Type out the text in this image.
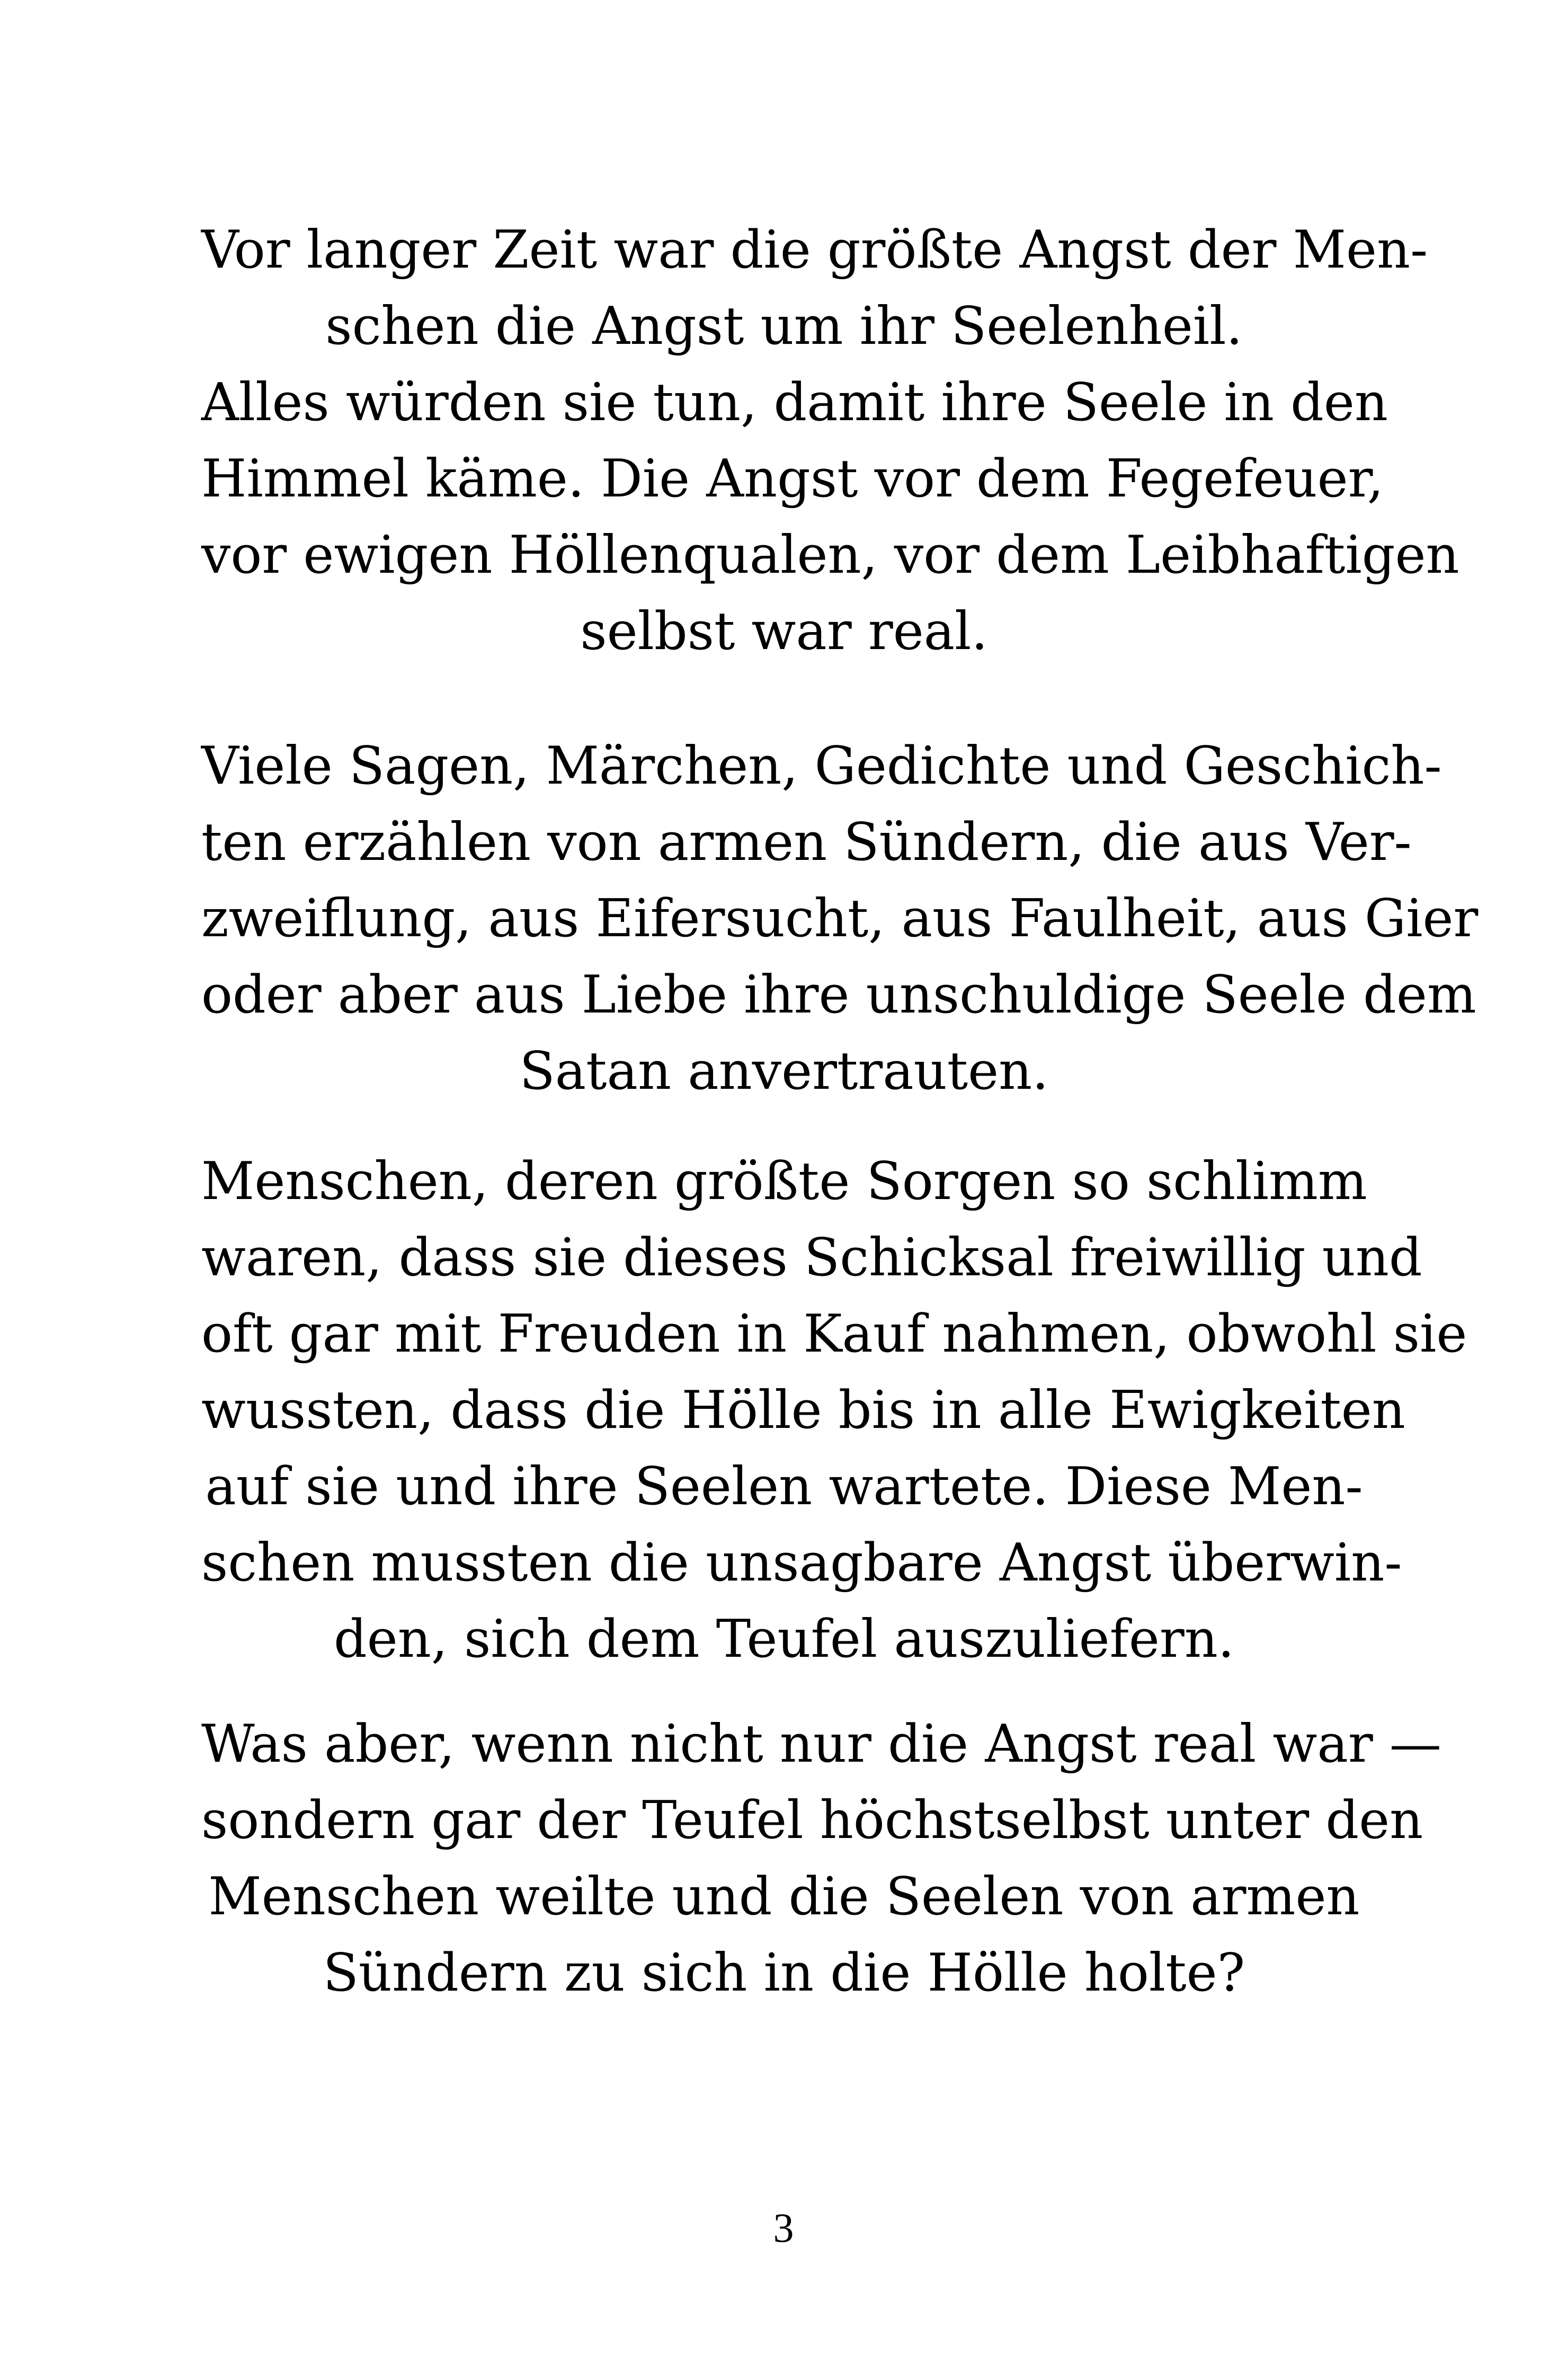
Vor langer Zeit war die größte Angst der Men-
schen die Angst um ihr Seelenheil.
Alles würden sie tun, damit ihre Seele in den
Himmel käme. Die Angst vor dem Fegefeuer,
vor ewigen Höllenqualen, vor dem Leibhaftigen
selbst war real.

Viele Sagen, Märchen, Gedichte und Geschich-
ten erzählen von armen Sündern, die aus Ver-
zweiflung, aus Eifersucht, aus Faulheit, aus Gier
oder aber aus Liebe ihre unschuldige Seele dem
Satan anvertrauten.

Menschen, deren größte Sorgen so schlimm
waren, dass sie dieses Schicksal freiwillig und
oft gar mit Freuden in Kauf nahmen, obwohl sie
wussten, dass die Hölle bis in alle Ewigkeiten
auf sie und ihre Seelen wartete. Diese Men-
schen mussten die unsagbare Angst überwin-
den, sich dem Teufel auszuliefern.

Was aber, wenn nicht nur die Angst real war —
sondern gar der Teufel höchstselbst unter den
Menschen weilte und die Seelen von armen
Sündern zu sich in die Hölle holte?

3
